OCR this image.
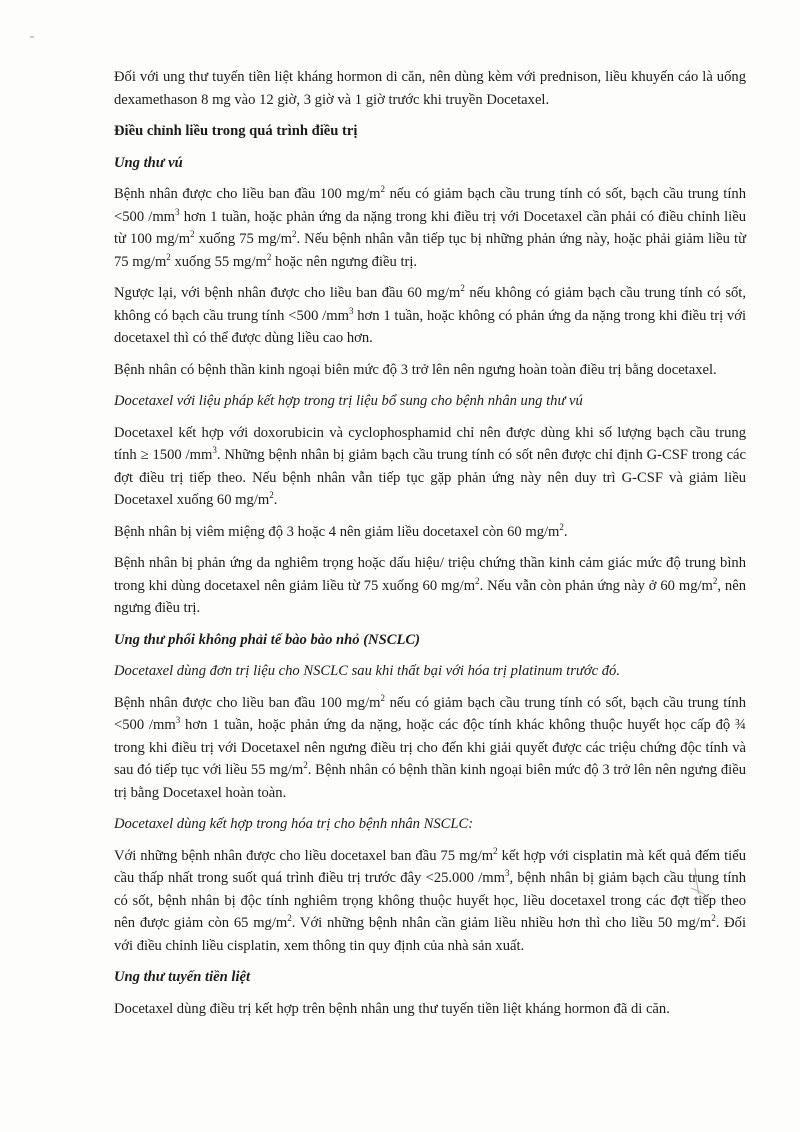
Đối với ung thư tuyến tiền liệt kháng hormon di căn, nên dùng kèm với prednison, liều khuyến cáo là uống dexamethason 8 mg vào 12 giờ, 3 giờ và 1 giờ trước khi truyền Docetaxel.

Điều chỉnh liều trong quá trình điều trị
Ung thư vú

Bệnh nhân được cho liều ban đầu 100 $mg/m^2$ nếu có giảm bạch cầu trung tính có sốt, bạch cầu trung tính <500 $/mm^3$ hơn 1 tuần, hoặc phản ứng da nặng trong khi điều trị với Docetaxel cần phải có điều chỉnh liều từ 100 $mg/m^2$ xuống 75 $mg/m^2$. Nếu bệnh nhân vẫn tiếp tục bị những phản ứng này, hoặc phải giảm liều từ 75 $mg/m^2$ xuống 55 $mg/m^2$ hoặc nên ngưng điều trị.

Ngược lại, với bệnh nhân được cho liều ban đầu 60 $mg/m^2$ nếu không có giảm bạch cầu trung tính có sốt, không có bạch cầu trung tính <500 $/mm^3$ hơn 1 tuần, hoặc không có phản ứng da nặng trong khi điều trị với docetaxel thì có thể được dùng liều cao hơn.

Bệnh nhân có bệnh thần kinh ngoại biên mức độ 3 trở lên nên ngưng hoàn toàn điều trị bằng docetaxel.

Docetaxel với liệu pháp kết hợp trong trị liệu bổ sung cho bệnh nhân ung thư vú

Docetaxel kết hợp với doxorubicin và cyclophosphamid chỉ nên được dùng khi số lượng bạch cầu trung tính ≥ 1500 $/mm^3$. Những bệnh nhân bị giảm bạch cầu trung tính có sốt nên được chỉ định G-CSF trong các đợt điều trị tiếp theo. Nếu bệnh nhân vẫn tiếp tục gặp phản ứng này nên duy trì G-CSF và giảm liều Docetaxel xuống 60 $mg/m^2$.

Bệnh nhân bị viêm miệng độ 3 hoặc 4 nên giảm liều docetaxel còn 60 $mg/m^2$.

Bệnh nhân bị phản ứng da nghiêm trọng hoặc dấu hiệu/ triệu chứng thần kinh cảm giác mức độ trung bình trong khi dùng docetaxel nên giảm liều từ 75 xuống 60 $mg/m^2$. Nếu vẫn còn phản ứng này ở 60 $mg/m^2$, nên ngưng điều trị.

Ung thư phổi không phải tế bào bào nhỏ (NSCLC)
Docetaxel dùng đơn trị liệu cho NSCLC sau khi thất bại với hóa trị platinum trước đó.

Bệnh nhân được cho liều ban đầu 100 $mg/m^2$ nếu có giảm bạch cầu trung tính có sốt, bạch cầu trung tính <500 $/mm^3$ hơn 1 tuần, hoặc phản ứng da nặng, hoặc các độc tính khác không thuộc huyết học cấp độ ¾ trong khi điều trị với Docetaxel nên ngưng điều trị cho đến khi giải quyết được các triệu chứng độc tính và sau đó tiếp tục với liều 55 $mg/m^2$. Bệnh nhân có bệnh thần kinh ngoại biên mức độ 3 trở lên nên ngưng điều trị bằng Docetaxel hoàn toàn.

Docetaxel dùng kết hợp trong hóa trị cho bệnh nhân NSCLC:

Với những bệnh nhân được cho liều docetaxel ban đầu 75 $mg/m^2$ kết hợp với cisplatin mà kết quả đếm tiểu cầu thấp nhất trong suốt quá trình điều trị trước đây <25.000 $/mm^3$, bệnh nhân bị giảm bạch cầu trung tính có sốt, bệnh nhân bị độc tính nghiêm trọng không thuộc huyết học, liều docetaxel trong các đợt tiếp theo nên được giảm còn 65 $mg/m^2$. Với những bệnh nhân cần giảm liều nhiều hơn thì cho liều 50 $mg/m^2$. Đối với điều chỉnh liều cisplatin, xem thông tin quy định của nhà sản xuất.

Ung thư tuyến tiền liệt

Docetaxel dùng điều trị kết hợp trên bệnh nhân ung thư tuyến tiền liệt kháng hormon đã di căn.
